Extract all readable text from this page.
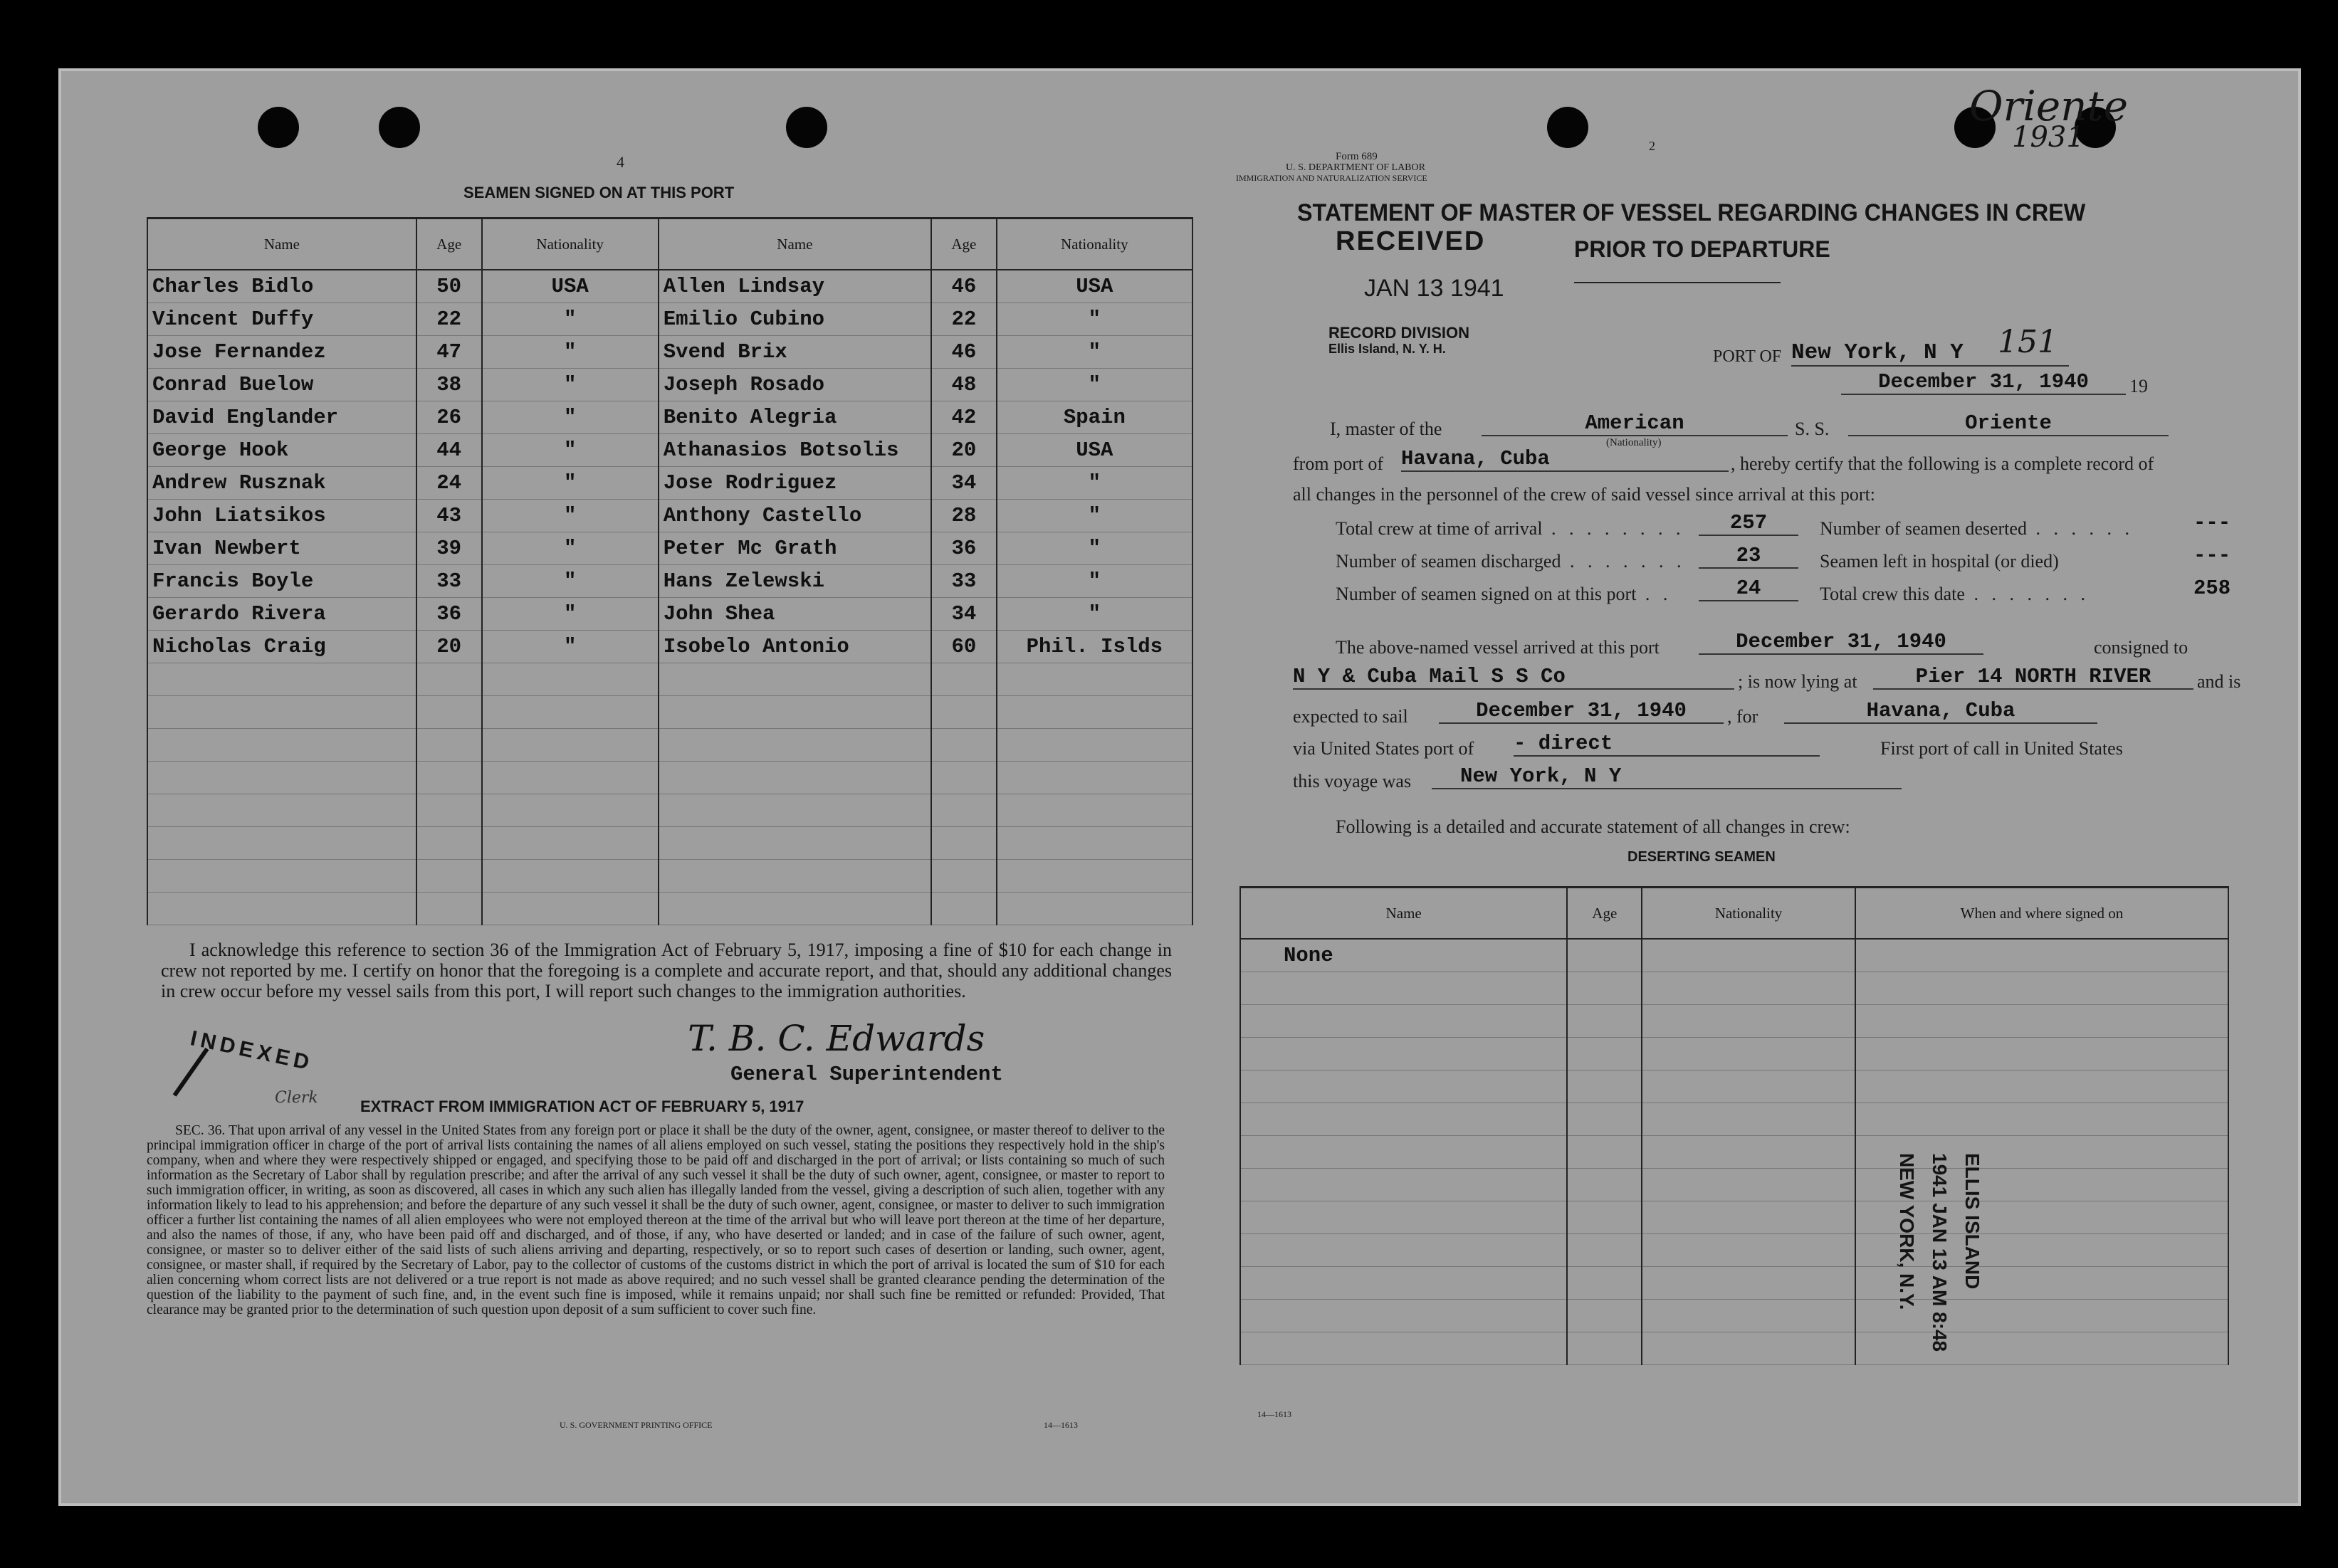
4
SEAMEN SIGNED ON AT THIS PORT
Name	Age	Nationality	Name	Age	Nationality
Charles Bidlo	50	USA	Allen Lindsay	46	USA
Vincent Duffy	22	"	Emilio Cubino	22	"
Jose Fernandez	47	"	Svend Brix	46	"
Conrad Buelow	38	"	Joseph Rosado	48	"
David Englander	26	"	Benito Alegria	42	Spain
George Hook	44	"	Athanasios Botsolis	20	USA
Andrew Rusznak	24	"	Jose Rodriguez	34	"
John Liatsikos	43	"	Anthony Castello	28	"
Ivan Newbert	39	"	Peter Mc Grath	36	"
Francis Boyle	33	"	Hans Zelewski	33	"
Gerardo Rivera	36	"	John Shea	34	"
Nicholas Craig	20	"	Isobelo Antonio	60	Phil. Islds

I acknowledge this reference to section 36 of the Immigration Act of February 5, 1917, imposing a fine of $10 for each change in crew not reported by me. I certify on honor that the foregoing is a complete and accurate report, and that, should any additional changes in crew occur before my vessel sails from this port, I will report such changes to the immigration authorities.
T. B. C. Edwards
General Superintendent
INDEXED
Clerk	EXTRACT FROM IMMIGRATION ACT OF FEBRUARY 5, 1917
SEC. 36. That upon arrival of any vessel in the United States from any foreign port or place it shall be the duty of the owner, agent, consignee, or master thereof to deliver to the principal immigration officer in charge of the port of arrival lists containing the names of all aliens employed on such vessel, stating the positions they respectively hold in the ship's company, when and where they were respectively shipped or engaged, and specifying those to be paid off and discharged in the port of arrival; or lists containing so much of such information as the Secretary of Labor shall by regulation prescribe; and after the arrival of any such vessel it shall be the duty of such owner, agent, consignee, or master to report to such immigration officer, in writing, as soon as discovered, all cases in which any such alien has illegally landed from the vessel, giving a description of such alien, together with any information likely to lead to his apprehension; and before the departure of any such vessel it shall be the duty of such owner, agent, consignee, or master to deliver to such immigration officer a further list containing the names of all alien employees who were not employed thereon at the time of the arrival but who will leave port thereon at the time of her departure, and also the names of those, if any, who have been paid off and discharged, and of those, if any, who have deserted or landed; and in case of the failure of such owner, agent, consignee, or master so to deliver either of the said lists of such aliens arriving and departing, respectively, or so to report such cases of desertion or landing, such owner, agent, consignee, or master shall, if required by the Secretary of Labor, pay to the collector of customs of the customs district in which the port of arrival is located the sum of $10 for each alien concerning whom correct lists are not delivered or a true report is not made as above required; and no such vessel shall be granted clearance pending the determination of the question of the liability to the payment of such fine, and, in the event such fine is imposed, while it remains unpaid; nor shall such fine be remitted or refunded: Provided, That clearance may be granted prior to the determination of such question upon deposit of a sum sufficient to cover such fine.
U. S. GOVERNMENT PRINTING OFFICE	14—1613
2
Form 689
U. S. DEPARTMENT OF LABOR
IMMIGRATION AND NATURALIZATION SERVICE
Oriente
1931
STATEMENT OF MASTER OF VESSEL REGARDING CHANGES IN CREW
RECEIVED	PRIOR TO DEPARTURE
JAN 13 1941
RECORD DIVISION
Ellis Island, N. Y. H.	PORT OF New York, N Y	151
December 31, 1940	19
I, master of the	American
(Nationality)
S. S.	Oriente
from port of Havana, Cuba	, hereby certify that the following is a complete record of
all changes in the personnel of the crew of said vessel since arrival at this port:
Total crew at time of arrival . . . . . . . .	257	Number of seamen deserted . . . . . .	---
Number of seamen discharged . . . . . . .	23	Seamen left in hospital (or died)	---
Number of seamen signed on at this port . .	24	Total crew this date . . . . . . .	258
The above-named vessel arrived at this port	December 31, 1940	consigned to
N Y & Cuba Mail S S Co	; is now lying at	Pier 14 NORTH RIVER	and is
expected to sail	December 31, 1940	, for	Havana, Cuba
via United States port of - direct	First port of call in United States
this voyage was	New York, N Y
Following is a detailed and accurate statement of all changes in crew:
DESERTING SEAMEN
Name	Age	Nationality	When and where signed on
None			

ELLIS ISLAND
1941 JAN 13 AM 8:48
NEW YORK, N.Y.
14—1613
